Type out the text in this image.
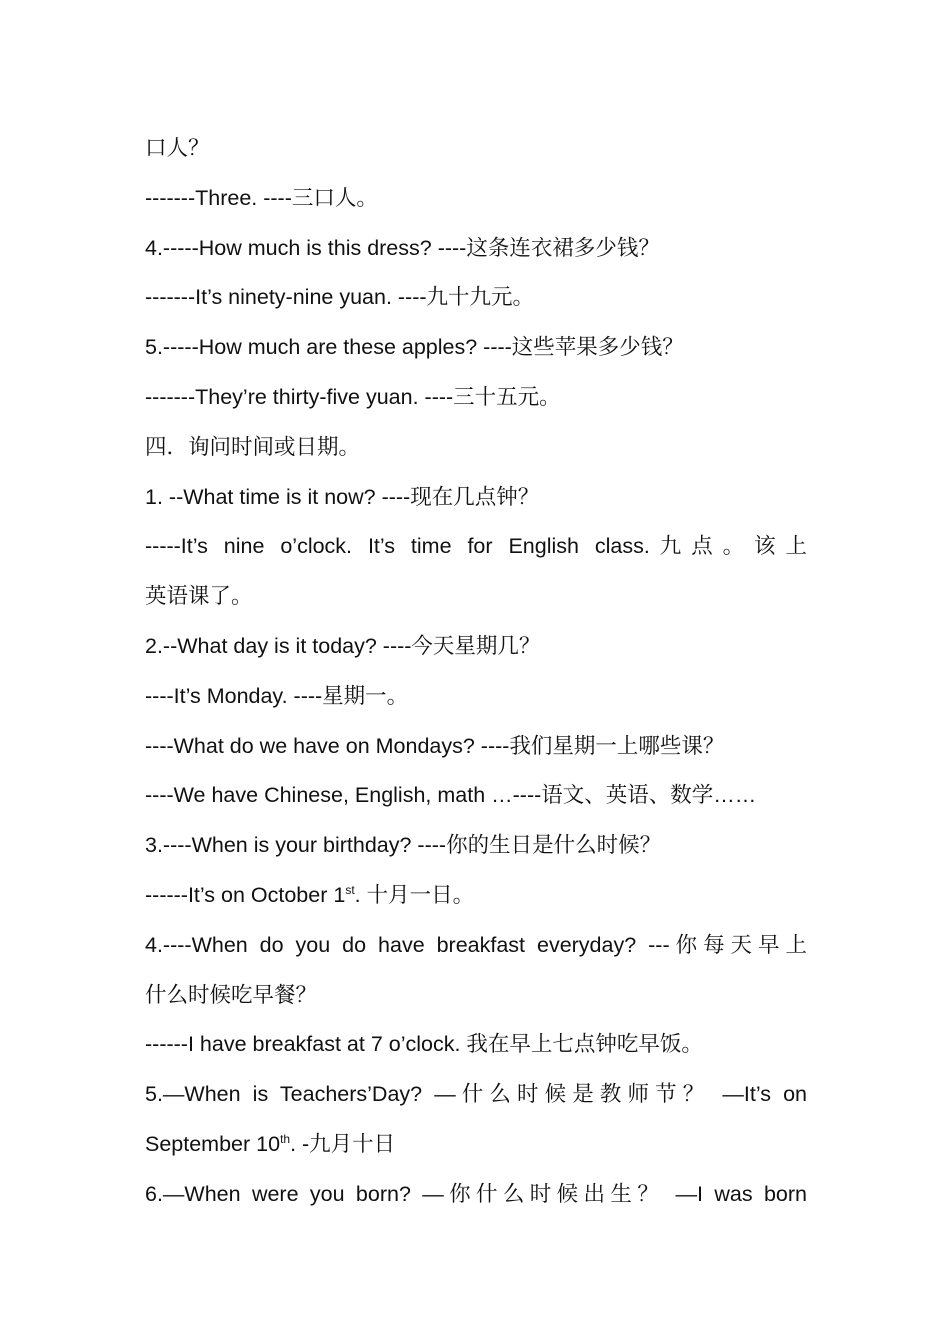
口人？
-------Three. ----三口人。
4.-----How much is this dress? ----这条连衣裙多少钱？
-------It’s ninety-nine yuan. ----九十九元。
5.-----How much are these apples? ----这些苹果多少钱？
-------They’re thirty-five yuan. ----三十五元。
四．询问时间或日期。
1. --What time is it now? ----现在几点钟？
-----It’s nine o’clock. It’s time for English class.九点。该上
英语课了。
2.--What day is it today? ----今天星期几？
----It’s Monday. ----星期一。
----What do we have on Mondays? ----我们星期一上哪些课？
----We have Chinese, English, math …----语文、英语、数学……
3.----When is your birthday? ----你的生日是什么时候？
------It’s on October 1st. 十月一日。
4.----When do you do have breakfast everyday? ---你每天早上
什么时候吃早餐？
------I have breakfast at 7 o’clock. 我在早上七点钟吃早饭。
5.—When is Teachers’Day? —什么时候是教师节？ —It’s on
September 10th. -九月十日
6.—When were you born? —你什么时候出生？ —I was born
